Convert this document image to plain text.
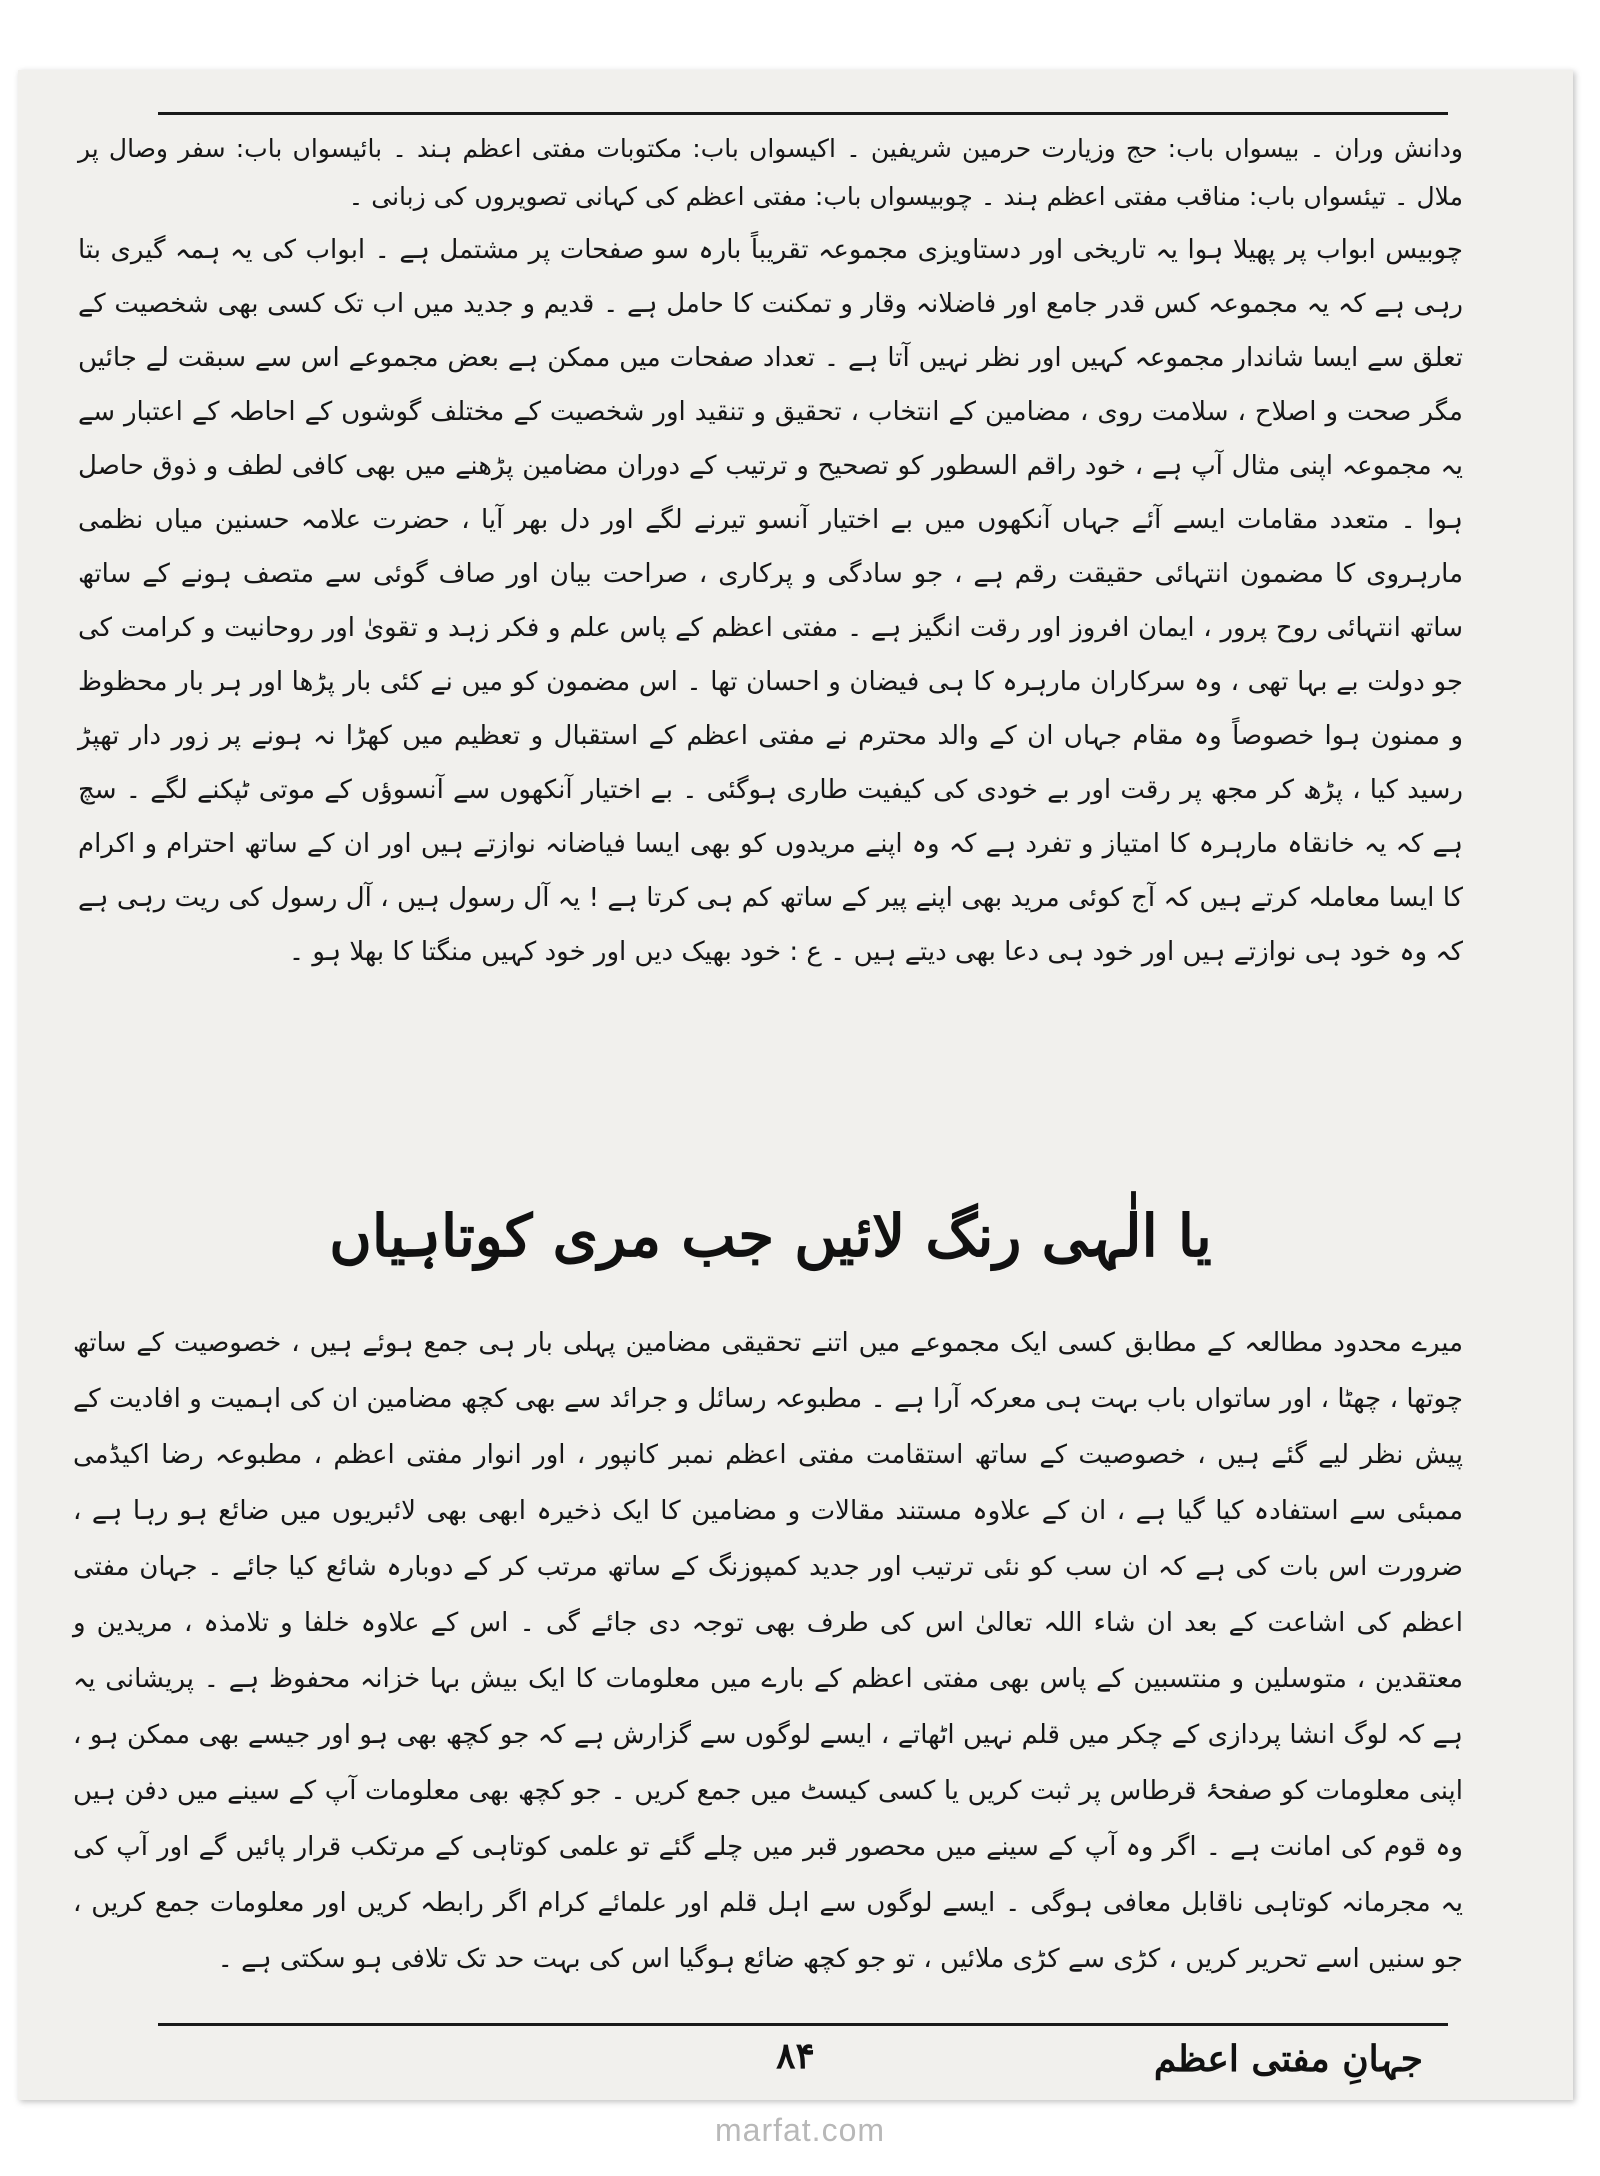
ودانش وران ۔ بیسواں باب: حج وزیارت حرمین شریفین ۔ اکیسواں باب: مکتوبات مفتی اعظم ہند ۔ بائیسواں باب: سفر وصال پر ملال ۔ تیئسواں باب: مناقب مفتی اعظم ہند ۔ چوبیسواں باب: مفتی اعظم کی کہانی تصویروں کی زبانی ۔

چوبیس ابواب پر پھیلا ہوا یہ تاریخی اور دستاویزی مجموعہ تقریباً بارہ سو صفحات پر مشتمل ہے ۔ ابواب کی یہ ہمہ گیری بتا رہی ہے کہ یہ مجموعہ کس قدر جامع اور فاضلانہ وقار و تمکنت کا حامل ہے ۔ قدیم و جدید میں اب تک کسی بھی شخصیت کے تعلق سے ایسا شاندار مجموعہ کہیں اور نظر نہیں آتا ہے ۔ تعداد صفحات میں ممکن ہے بعض مجموعے اس سے سبقت لے جائیں مگر صحت و اصلاح ، سلامت روی ، مضامین کے انتخاب ، تحقیق و تنقید اور شخصیت کے مختلف گوشوں کے احاطہ کے اعتبار سے یہ مجموعہ اپنی مثال آپ ہے ، خود راقم السطور کو تصحیح و ترتیب کے دوران مضامین پڑھنے میں بھی کافی لطف و ذوق حاصل ہوا ۔ متعدد مقامات ایسے آئے جہاں آنکھوں میں بے اختیار آنسو تیرنے لگے اور دل بھر آیا ، حضرت علامہ حسنین میاں نظمی مارہروی کا مضمون انتہائی حقیقت رقم ہے ، جو سادگی و پرکاری ، صراحت بیان اور صاف گوئی سے متصف ہونے کے ساتھ ساتھ انتہائی روح پرور ، ایمان افروز اور رقت انگیز ہے ۔ مفتی اعظم کے پاس علم و فکر زہد و تقویٰ اور روحانیت و کرامت کی جو دولت بے بہا تھی ، وہ سرکاران مارہرہ کا ہی فیضان و احسان تھا ۔ اس مضمون کو میں نے کئی بار پڑھا اور ہر بار محظوظ و ممنون ہوا خصوصاً وہ مقام جہاں ان کے والد محترم نے مفتی اعظم کے استقبال و تعظیم میں کھڑا نہ ہونے پر زور دار تھپڑ رسید کیا ، پڑھ کر مجھ پر رقت اور بے خودی کی کیفیت طاری ہوگئی ۔ بے اختیار آنکھوں سے آنسوؤں کے موتی ٹپکنے لگے ۔ سچ ہے کہ یہ خانقاہ مارہرہ کا امتیاز و تفرد ہے کہ وہ اپنے مریدوں کو بھی ایسا فیاضانہ نوازتے ہیں اور ان کے ساتھ احترام و اکرام کا ایسا معاملہ کرتے ہیں کہ آج کوئی مرید بھی اپنے پیر کے ساتھ کم ہی کرتا ہے ! یہ آل رسول ہیں ، آل رسول کی ریت رہی ہے کہ وہ خود ہی نوازتے ہیں اور خود ہی دعا بھی دیتے ہیں ۔ ع : خود بھیک دیں اور خود کہیں منگتا کا بھلا ہو ۔

یا الٰہی رنگ لائیں جب مری کوتاہیاں

میرے محدود مطالعہ کے مطابق کسی ایک مجموعے میں اتنے تحقیقی مضامین پہلی بار ہی جمع ہوئے ہیں ، خصوصیت کے ساتھ چوتھا ، چھٹا ، اور ساتواں باب بہت ہی معرکہ آرا ہے ۔ مطبوعہ رسائل و جرائد سے بھی کچھ مضامین ان کی اہمیت و افادیت کے پیش نظر لیے گئے ہیں ، خصوصیت کے ساتھ استقامت مفتی اعظم نمبر کانپور ، اور انوار مفتی اعظم ، مطبوعہ رضا اکیڈمی ممبئی سے استفادہ کیا گیا ہے ، ان کے علاوہ مستند مقالات و مضامین کا ایک ذخیرہ ابھی بھی لائبریوں میں ضائع ہو رہا ہے ، ضرورت اس بات کی ہے کہ ان سب کو نئی ترتیب اور جدید کمپوزنگ کے ساتھ مرتب کر کے دوبارہ شائع کیا جائے ۔ جہان مفتی اعظم کی اشاعت کے بعد ان شاء اللہ تعالیٰ اس کی طرف بھی توجہ دی جائے گی ۔ اس کے علاوہ خلفا و تلامذہ ، مریدین و معتقدین ، متوسلین و منتسبین کے پاس بھی مفتی اعظم کے بارے میں معلومات کا ایک بیش بہا خزانہ محفوظ ہے ۔ پریشانی یہ ہے کہ لوگ انشا پردازی کے چکر میں قلم نہیں اٹھاتے ، ایسے لوگوں سے گزارش ہے کہ جو کچھ بھی ہو اور جیسے بھی ممکن ہو ، اپنی معلومات کو صفحۂ قرطاس پر ثبت کریں یا کسی کیسٹ میں جمع کریں ۔ جو کچھ بھی معلومات آپ کے سینے میں دفن ہیں وہ قوم کی امانت ہے ۔ اگر وہ آپ کے سینے میں محصور قبر میں چلے گئے تو علمی کوتاہی کے مرتکب قرار پائیں گے اور آپ کی یہ مجرمانہ کوتاہی ناقابل معافی ہوگی ۔ ایسے لوگوں سے اہل قلم اور علمائے کرام اگر رابطہ کریں اور معلومات جمع کریں ، جو سنیں اسے تحریر کریں ، کڑی سے کڑی ملائیں ، تو جو کچھ ضائع ہوگیا اس کی بہت حد تک تلافی ہو سکتی ہے ۔

جہانِ مفتی اعظم
۸۴
marfat.com
